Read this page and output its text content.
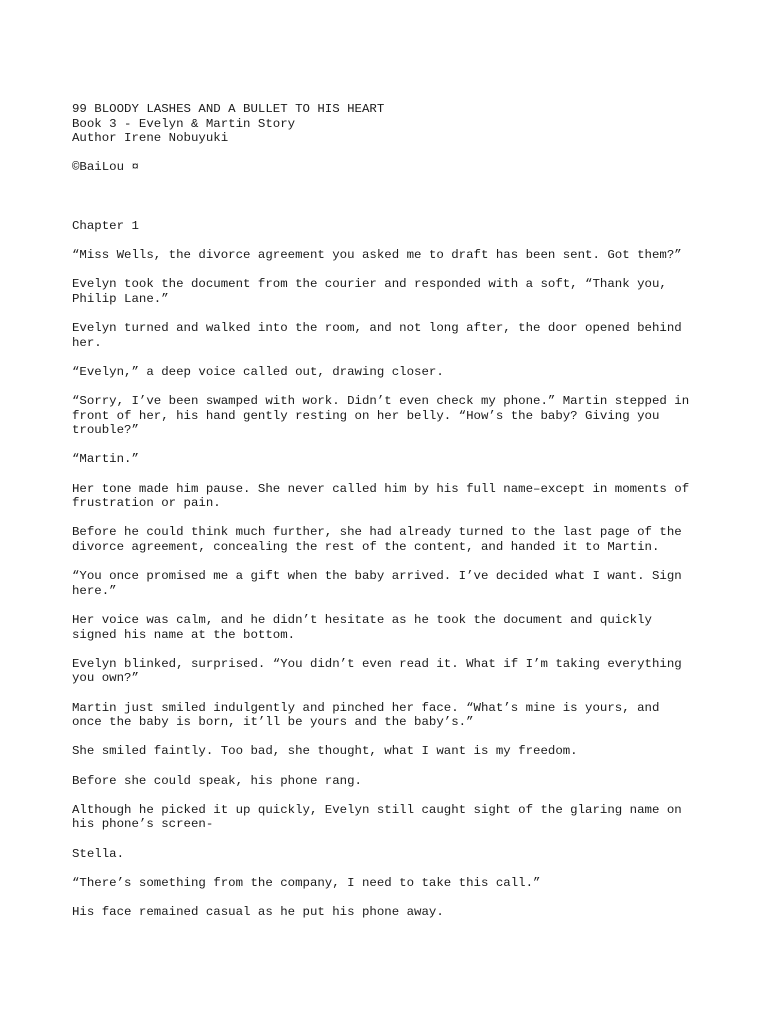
99 BLOODY LASHES AND A BULLET TO HIS HEART
Book 3 - Evelyn & Martin Story
Author Irene Nobuyuki
©BaiLou ¤

Chapter 1

“Miss Wells, the divorce agreement you asked me to draft has been sent. Got them?”

Evelyn took the document from the courier and responded with a soft, “Thank you,
Philip Lane.”

Evelyn turned and walked into the room, and not long after, the door opened behind
her.

“Evelyn,” a deep voice called out, drawing closer.

“Sorry, I’ve been swamped with work. Didn’t even check my phone.” Martin stepped in
front of her, his hand gently resting on her belly. “How’s the baby? Giving you
trouble?”

“Martin.”

Her tone made him pause. She never called him by his full name–except in moments of
frustration or pain.

Before he could think much further, she had already turned to the last page of the
divorce agreement, concealing the rest of the content, and handed it to Martin.

“You once promised me a gift when the baby arrived. I’ve decided what I want. Sign
here.”

Her voice was calm, and he didn’t hesitate as he took the document and quickly
signed his name at the bottom.

Evelyn blinked, surprised. “You didn’t even read it. What if I’m taking everything
you own?”

Martin just smiled indulgently and pinched her face. “What’s mine is yours, and
once the baby is born, it’ll be yours and the baby’s.”

She smiled faintly. Too bad, she thought, what I want is my freedom.

Before she could speak, his phone rang.

Although he picked it up quickly, Evelyn still caught sight of the glaring name on
his phone’s screen-

Stella.

“There’s something from the company, I need to take this call.”

His face remained casual as he put his phone away.
